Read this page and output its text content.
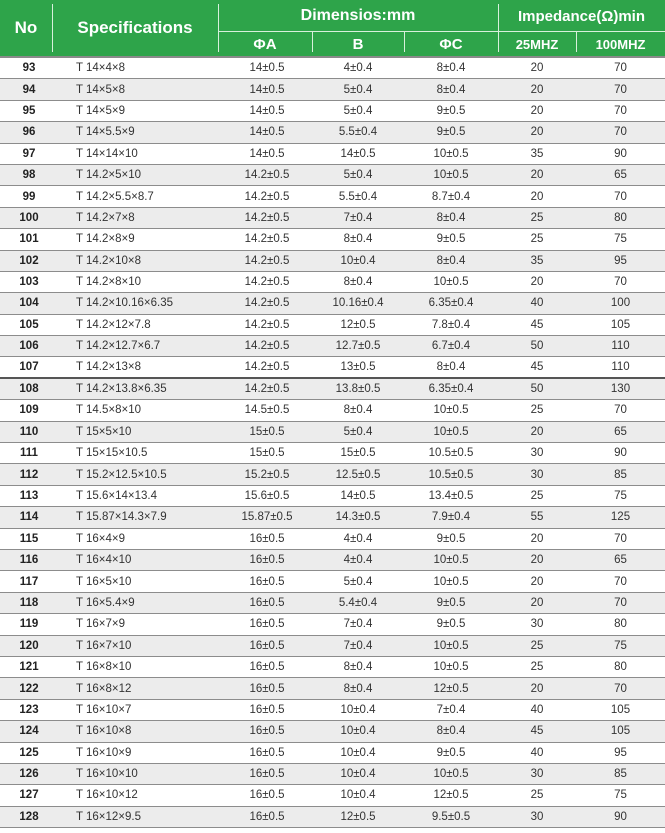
No	Specifications
Dimensios:mm	Impedance(Ω)min
ΦA	B	ΦC	25MHZ	100MHZ
93	T 14×4×8	14±0.5	4±0.4	8±0.4	20	70
94	T 14×5×8	14±0.5	5±0.4	8±0.4	20	70
95	T 14×5×9	14±0.5	5±0.4	9±0.5	20	70
96	T 14×5.5×9	14±0.5	5.5±0.4	9±0.5	20	70
97	T 14×14×10	14±0.5	14±0.5	10±0.5	35	90
98	T 14.2×5×10	14.2±0.5	5±0.4	10±0.5	20	65
99	T 14.2×5.5×8.7	14.2±0.5	5.5±0.4	8.7±0.4	20	70
100	T 14.2×7×8	14.2±0.5	7±0.4	8±0.4	25	80
101	T 14.2×8×9	14.2±0.5	8±0.4	9±0.5	25	75
102	T 14.2×10×8	14.2±0.5	10±0.4	8±0.4	35	95
103	T 14.2×8×10	14.2±0.5	8±0.4	10±0.5	20	70
104	T 14.2×10.16×6.35	14.2±0.5	10.16±0.4	6.35±0.4	40	100
105	T 14.2×12×7.8	14.2±0.5	12±0.5	7.8±0.4	45	105
106	T 14.2×12.7×6.7	14.2±0.5	12.7±0.5	6.7±0.4	50	110
107	T 14.2×13×8	14.2±0.5	13±0.5	8±0.4	45	110
108	T 14.2×13.8×6.35	14.2±0.5	13.8±0.5	6.35±0.4	50	130
109	T 14.5×8×10	14.5±0.5	8±0.4	10±0.5	25	70
110	T 15×5×10	15±0.5	5±0.4	10±0.5	20	65
111	T 15×15×10.5	15±0.5	15±0.5	10.5±0.5	30	90
112	T 15.2×12.5×10.5	15.2±0.5	12.5±0.5	10.5±0.5	30	85
113	T 15.6×14×13.4	15.6±0.5	14±0.5	13.4±0.5	25	75
114	T 15.87×14.3×7.9	15.87±0.5	14.3±0.5	7.9±0.4	55	125
115	T 16×4×9	16±0.5	4±0.4	9±0.5	20	70
116	T 16×4×10	16±0.5	4±0.4	10±0.5	20	65
117	T 16×5×10	16±0.5	5±0.4	10±0.5	20	70
118	T 16×5.4×9	16±0.5	5.4±0.4	9±0.5	20	70
119	T 16×7×9	16±0.5	7±0.4	9±0.5	30	80
120	T 16×7×10	16±0.5	7±0.4	10±0.5	25	75
121	T 16×8×10	16±0.5	8±0.4	10±0.5	25	80
122	T 16×8×12	16±0.5	8±0.4	12±0.5	20	70
123	T 16×10×7	16±0.5	10±0.4	7±0.4	40	105
124	T 16×10×8	16±0.5	10±0.4	8±0.4	45	105
125	T 16×10×9	16±0.5	10±0.4	9±0.5	40	95
126	T 16×10×10	16±0.5	10±0.4	10±0.5	30	85
127	T 16×10×12	16±0.5	10±0.4	12±0.5	25	75
128	T 16×12×9.5	16±0.5	12±0.5	9.5±0.5	30	90
